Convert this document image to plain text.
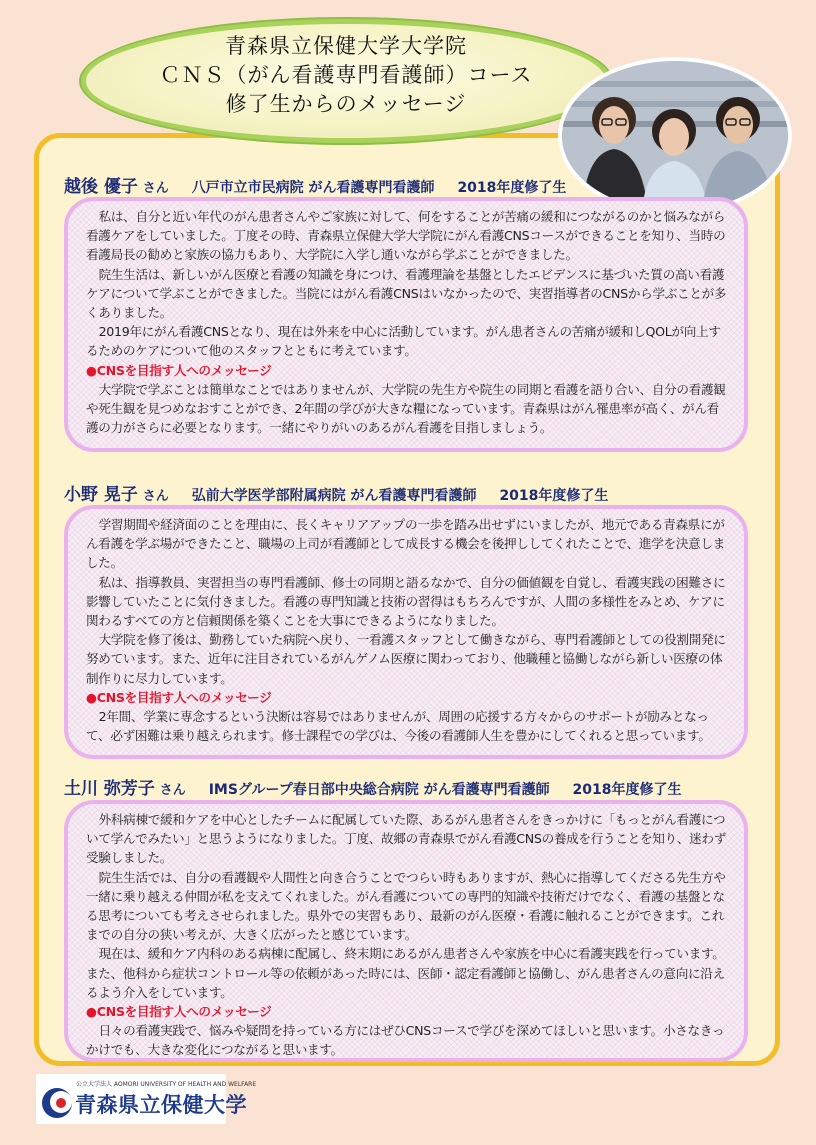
青森県立保健大学大学院
ＣＮＳ（がん看護専門看護師）コース
修了生からのメッセージ
越後 優子 さん 八戸市立市民病院 がん看護専門看護師 2018年度修了生

私は、自分と近い年代のがん患者さんやご家族に対して、何をすることが苦痛の緩和につながるのかと悩みながら看護ケアをしていました。丁度その時、青森県立保健大学大学院にがん看護CNSコースができることを知り、当時の看護局長の勧めと家族の協力もあり、大学院に入学し通いながら学ぶことができました。

院生生活は、新しいがん医療と看護の知識を身につけ、看護理論を基盤としたエビデンスに基づいた質の高い看護ケアについて学ぶことができました。当院にはがん看護CNSはいなかったので、実習指導者のCNSから学ぶことが多くありました。

2019年にがん看護CNSとなり、現在は外来を中心に活動しています。がん患者さんの苦痛が緩和しQOLが向上するためのケアについて他のスタッフとともに考えています。

●CNSを目指す人へのメッセージ

大学院で学ぶことは簡単なことではありませんが、大学院の先生方や院生の同期と看護を語り合い、自分の看護観や死生観を見つめなおすことができ、2年間の学びが大きな糧になっています。青森県はがん罹患率が高く、がん看護の力がさらに必要となります。一緒にやりがいのあるがん看護を目指しましょう。

小野 晃子 さん 弘前大学医学部附属病院 がん看護専門看護師 2018年度修了生

学習期間や経済面のことを理由に、長くキャリアアップの一歩を踏み出せずにいましたが、地元である青森県にがん看護を学ぶ場ができたこと、職場の上司が看護師として成長する機会を後押ししてくれたことで、進学を決意しました。

私は、指導教員、実習担当の専門看護師、修士の同期と語るなかで、自分の価値観を自覚し、看護実践の困難さに影響していたことに気付きました。看護の専門知識と技術の習得はもちろんですが、人間の多様性をみとめ、ケアに関わるすべての方と信頼関係を築くことを大事にできるようになりました。

大学院を修了後は、勤務していた病院へ戻り、一看護スタッフとして働きながら、専門看護師としての役割開発に努めています。また、近年に注目されているがんゲノム医療に関わっており、他職種と協働しながら新しい医療の体制作りに尽力しています。

●CNSを目指す人へのメッセージ

2年間、学業に専念するという決断は容易ではありませんが、周囲の応援する方々からのサポートが励みとなって、必ず困難は乗り越えられます。修士課程での学びは、今後の看護師人生を豊かにしてくれると思っています。

土川 弥芳子 さん IMSグループ春日部中央総合病院 がん看護専門看護師 2018年度修了生

外科病棟で緩和ケアを中心としたチームに配属していた際、あるがん患者さんをきっかけに「もっとがん看護について学んでみたい」と思うようになりました。丁度、故郷の青森県でがん看護CNSの養成を行うことを知り、迷わず受験しました。

院生生活では、自分の看護観や人間性と向き合うことでつらい時もありますが、熱心に指導してくださる先生方や一緒に乗り越える仲間が私を支えてくれました。がん看護についての専門的知識や技術だけでなく、看護の基盤となる思考についても考えさせられました。県外での実習もあり、最新のがん医療・看護に触れることができます。これまでの自分の狭い考えが、大きく広がったと感じています。

現在は、緩和ケア内科のある病棟に配属し、終末期にあるがん患者さんや家族を中心に看護実践を行っています。また、他科から症状コントロール等の依頼があった時には、医師・認定看護師と協働し、がん患者さんの意向に沿えるよう介入をしています。

●CNSを目指す人へのメッセージ

日々の看護実践で、悩みや疑問を持っている方にはぜひCNSコースで学びを深めてほしいと思います。小さなきっかけでも、大きな変化につながると思います。

公立大学法人 AOMORI UNIVERSITY OF HEALTH AND WELFARE
青森県立保健大学
